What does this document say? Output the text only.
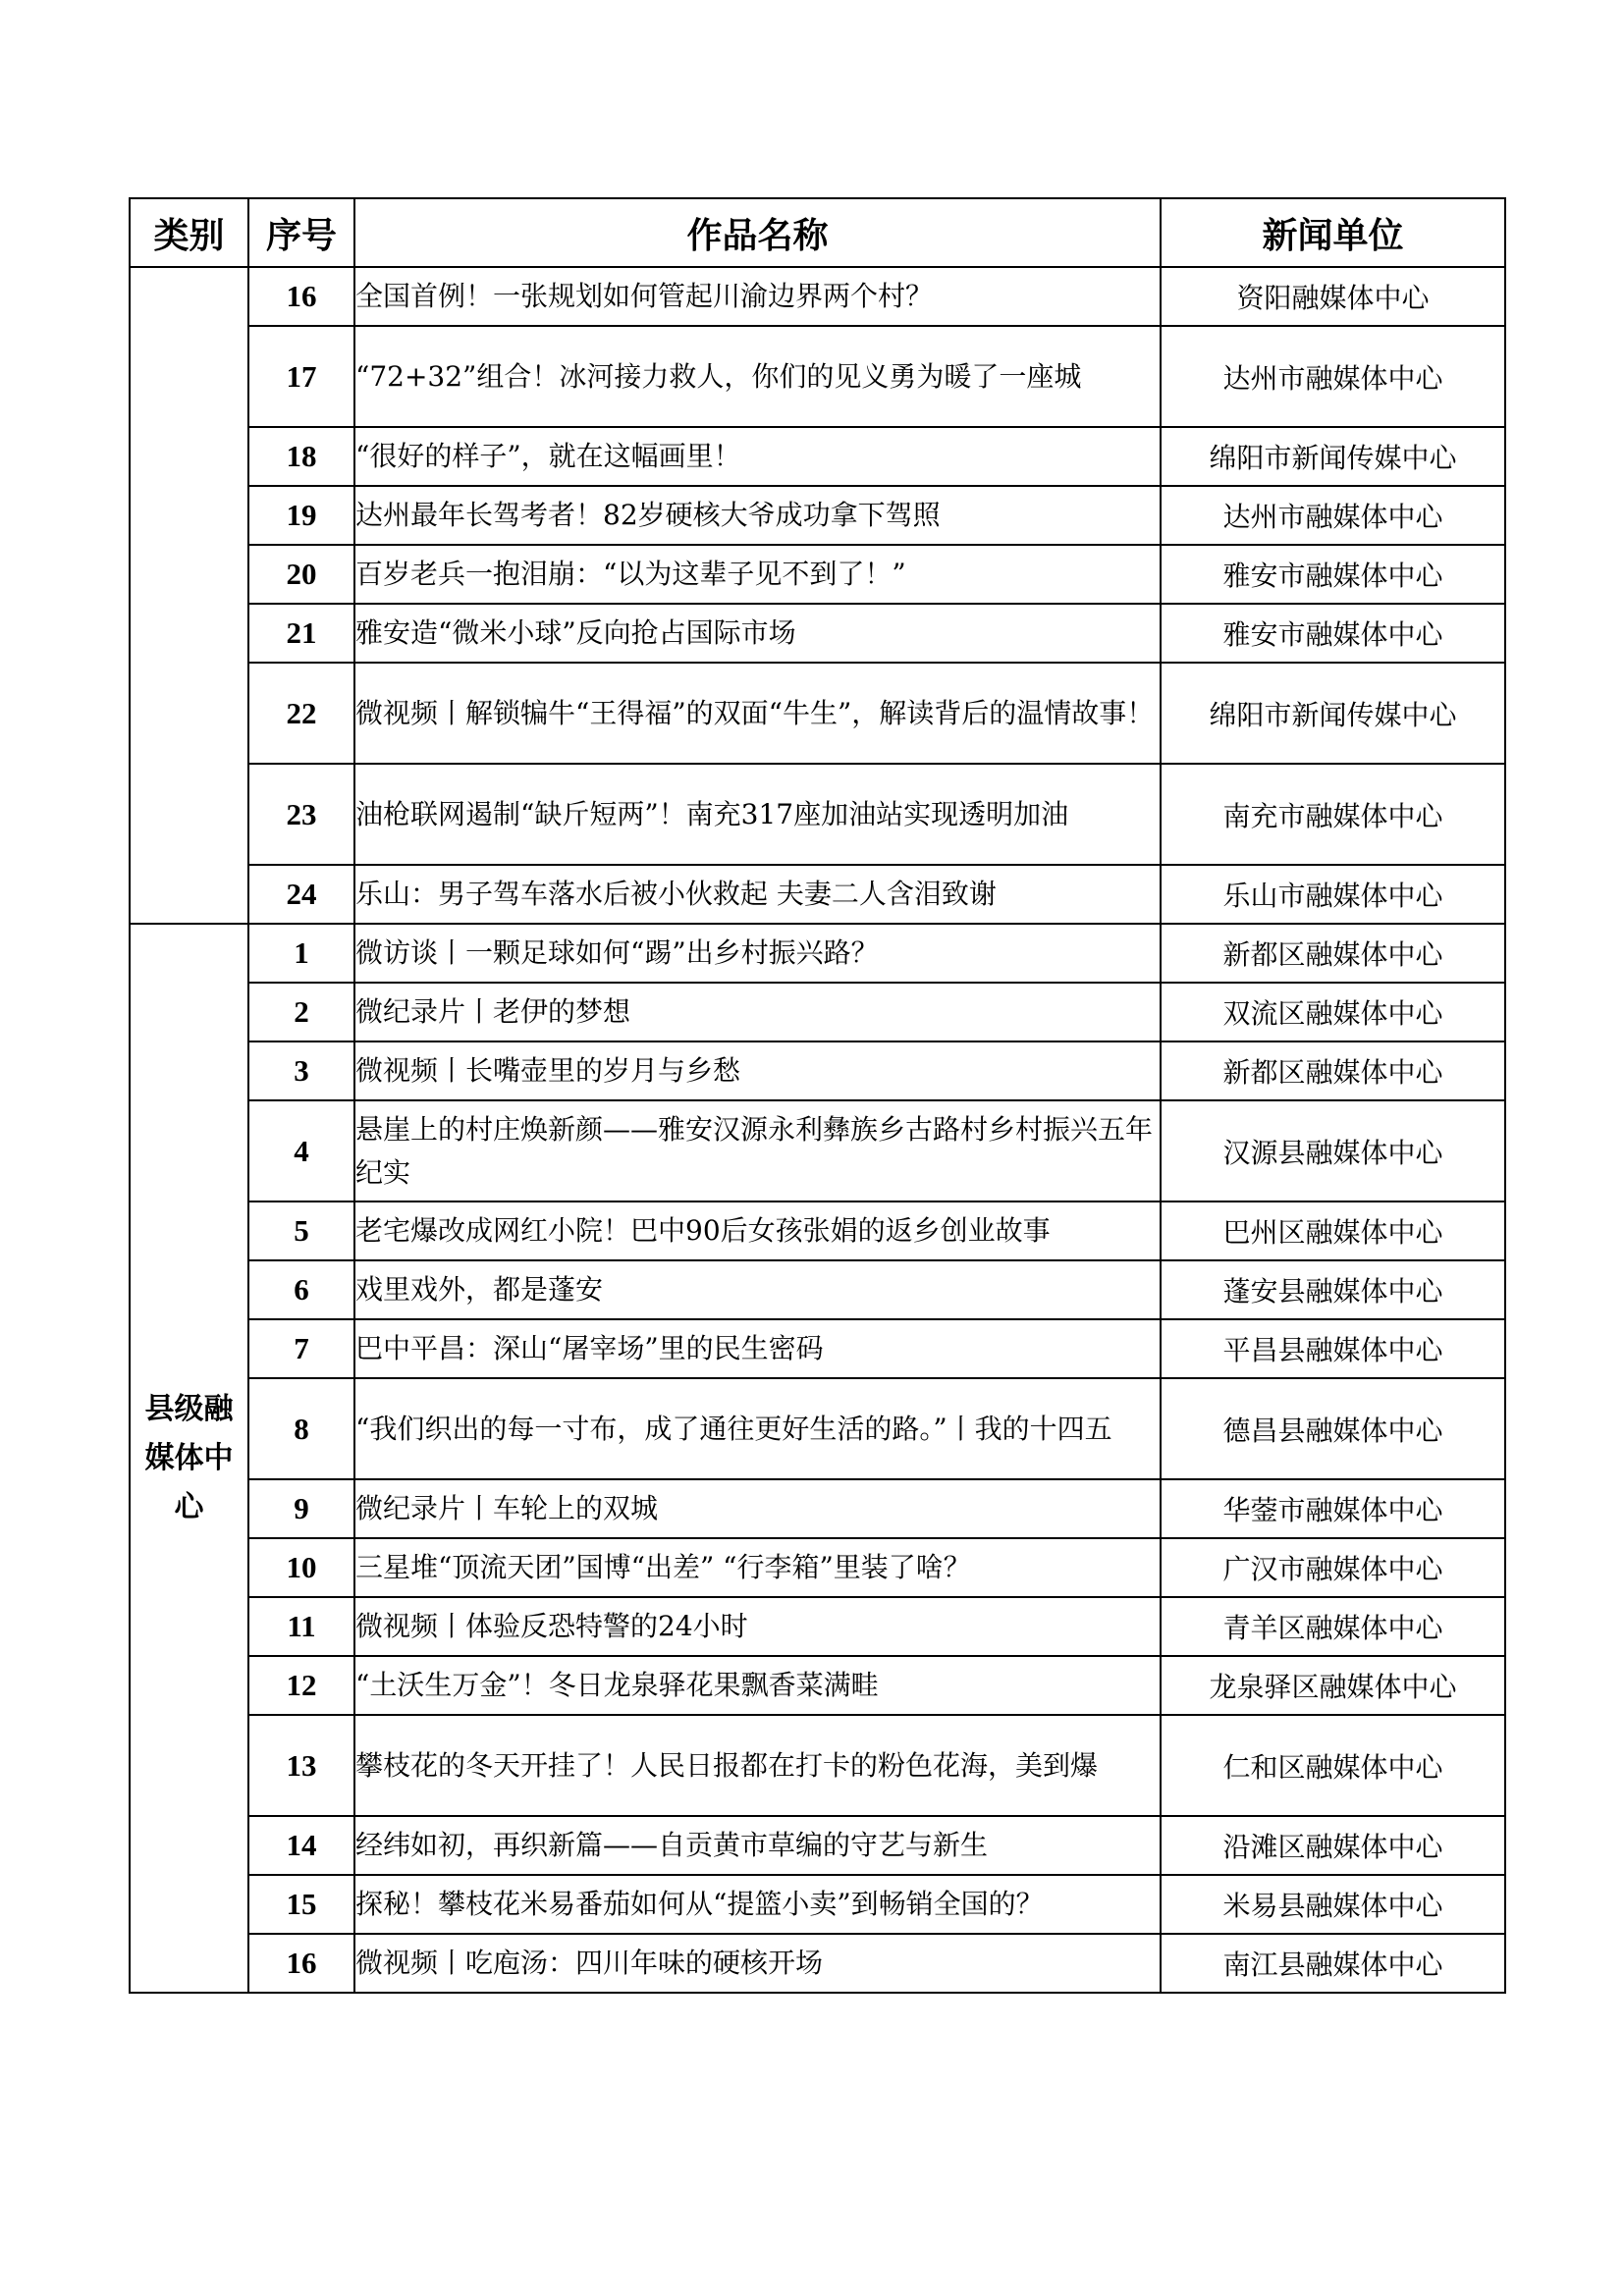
类别	序号	作品名称	新闻单位
	16	全国首例！一张规划如何管起川渝边界两个村？	资阳融媒体中心
	17	“72+32”组合！冰河接力救人，你们的见义勇为暖了一座城	达州市融媒体中心
	18	“很好的样子”，就在这幅画里！	绵阳市新闻传媒中心
	19	达州最年长驾考者！82岁硬核大爷成功拿下驾照	达州市融媒体中心
	20	百岁老兵一抱泪崩：“以为这辈子见不到了！”	雅安市融媒体中心
	21	雅安造“微米小球”反向抢占国际市场	雅安市融媒体中心
	22	微视频丨解锁犏牛“王得福”的双面“牛生”，解读背后的温情故事！	绵阳市新闻传媒中心
	23	油枪联网遏制“缺斤短两”！南充317座加油站实现透明加油	南充市融媒体中心
	24	乐山：男子驾车落水后被小伙救起 夫妻二人含泪致谢	乐山市融媒体中心
县级融媒体中心	1	微访谈丨一颗足球如何“踢”出乡村振兴路？	新都区融媒体中心
	2	微纪录片丨老伊的梦想	双流区融媒体中心
	3	微视频丨长嘴壶里的岁月与乡愁	新都区融媒体中心
	4	悬崖上的村庄焕新颜——雅安汉源永利彝族乡古路村乡村振兴五年纪实	汉源县融媒体中心
	5	老宅爆改成网红小院！巴中90后女孩张娟的返乡创业故事	巴州区融媒体中心
	6	戏里戏外，都是蓬安	蓬安县融媒体中心
	7	巴中平昌：深山“屠宰场”里的民生密码	平昌县融媒体中心
	8	“我们织出的每一寸布，成了通往更好生活的路。”丨我的十四五	德昌县融媒体中心
	9	微纪录片丨车轮上的双城	华蓥市融媒体中心
	10	三星堆“顶流天团”国博“出差” “行李箱”里装了啥？	广汉市融媒体中心
	11	微视频丨体验反恐特警的24小时	青羊区融媒体中心
	12	“土沃生万金”！冬日龙泉驿花果飘香菜满畦	龙泉驿区融媒体中心
	13	攀枝花的冬天开挂了！人民日报都在打卡的粉色花海，美到爆	仁和区融媒体中心
	14	经纬如初，再织新篇——自贡黄市草编的守艺与新生	沿滩区融媒体中心
	15	探秘！攀枝花米易番茄如何从“提篮小卖”到畅销全国的？	米易县融媒体中心
	16	微视频丨吃庖汤：四川年味的硬核开场	南江县融媒体中心
